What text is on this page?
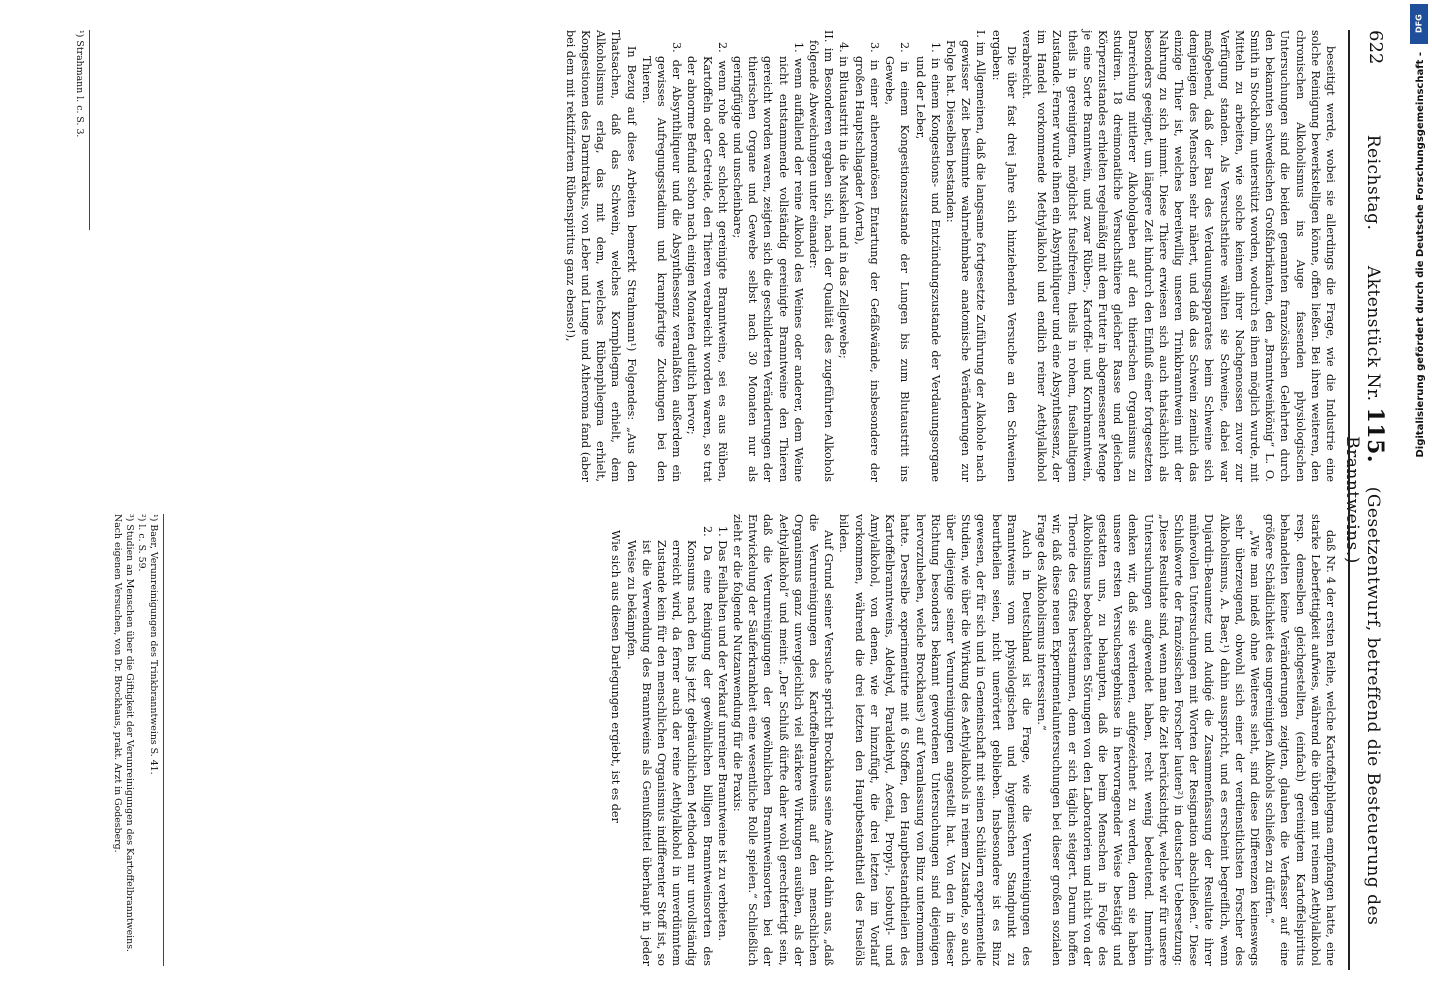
622
Reichstag.      Aktenstück Nr. 115.    (Gesetzentwurf, betreffend die Besteuerung des Branntweins.)

beseitigt werde, wobei sie allerdings die Frage, wie die Industrie eine solche Reinigung bewerkstelligen könne, offen ließen. Bei ihren weiteren, den chronischen Alkoholismus ins Auge fassenden physiologischen Untersuchungen sind die beiden genannten französischen Gelehrten durch den bekannten schwedischen Großfabrikanten, den „Branntweinkönig“ L. O. Smith in Stockholm, unterstützt worden, wodurch es ihnen möglich wurde, mit Mitteln zu arbeiten, wie solche keinem ihrer Nachgenossen zuvor zur Verfügung standen. Als Versuchsthiere wählten sie Schweine, dabei war maßgebend, daß der Bau des Verdauungsapparates beim Schweine sich demjenigen des Menschen sehr nähert, und daß das Schwein ziemlich das einzige Thier ist, welches bereitwillig unseren Trinkbranntwein mit der Nahrung zu sich nimmt. Diese Thiere erwiesen sich auch thatsächlich als besonders geeignet, um längere Zeit hindurch den Einfluß einer fortgesetzten Darreichung mittlerer Alkoholgaben auf den thierischen Organismus zu studiren. 18 dreimonatliche Versuchsthiere gleicher Rasse und gleichen Körperzustandes erhielten regelmäßig mit dem Futter in abgemessener Menge je eine Sorte Branntwein, und zwar Rüben-, Kartoffel- und Kornbranntwein, theils in gereinigtem, möglichst fuselfreiem, theils in rohem, fuselhaltigem Zustande. Ferner wurde ihnen ein Absynthliqueur und eine Absynthessenz, der im Handel vorkommende Methylalkohol und endlich reiner Aethylalkohol verabreicht.

Die über fast drei Jahre sich hinziehenden Versuche an den Schweinen ergaben:

I. im Allgemeinen, daß die langsame fortgesetzte Zuführung der Alkohole nach gewisser Zeit bestimmte wahrnehmbare anatomische Veränderungen zur Folge hat. Dieselben bestanden:
1. in einem Kongestions- und Entzündungszustande der Verdauungsorgane und der Leber,
2. in einem Kongestionszustande der Lungen bis zum Blutaustritt ins Gewebe,
3. in einer atheromatösen Entartung der Gefäßwände, insbesondere der großen Hauptschlagader (Aorta),
4. in Blutaustritt in die Muskeln und in das Zellgewebe;
II. im Besonderen ergaben sich, nach der Qualität des zugeführten Alkohols folgende Abweichungen unter einander:
1. wenn auffallend der reine Alkohol des Weines oder anderer, dem Weine nicht entstammende vollständig gereinigte Branntweine den Thieren gereicht worden waren, zeigten sich die geschilderten Veränderungen der thierischen Organe und Gewebe selbst nach 30 Monaten nur als geringfügige und unscheinbare;
2. wenn rohe oder schlecht gereinigte Branntweine, sei es aus Rüben, Kartoffeln oder Getreide, den Thieren verabreicht worden waren, so trat der abnorme Befund schon nach einigen Monaten deutlich hervor;
3. der Absynthliqueur und die Absynthessenz veranlaßten außerdem ein gewisses Aufregungsstadium und krampfartige Zuckungen bei den Thieren.

In Bezug auf diese Arbeiten bemerkt Strahmann¹) Folgendes: „Aus den Thatsachen, daß das Schwein, welches Kornphlegma erhielt, dem Alkoholismus erlag, das mit dem, welches Rübenphlegma erhielt, Kongestionen des Darmtraktus, von Leber und Lunge und Atheroma fand (aber bei dem mit rektifizirtem Rübenspiritus ganz ebenso!),

¹) Strahmann l. c. S. 3.

daß Nr. 4 der ersten Reihe, welche Kartoffelphlegma empfangen hatte, eine starke Leberfettigkeit aufwies, während die übrigen mit reinem Aethylalkohol resp. demselben gleichgestellten, (einfach) gereinigtem Kartoffelspiritus behandelten keine Veränderungen zeigten, glauben die Verfasser auf eine größere Schädlichkeit des ungereinigten Alkohols schließen zu dürfen.“

„Wie man indeß ohne Weiteres sieht, sind diese Differenzen keineswegs sehr überzeugend, obwohl sich einer der verdienstlichsten Forscher des Alkoholismus, A. Baer,¹) dahin ausspricht, und es erscheint begreiflich, wenn Dujardin-Beaumetz und Audigé die Zusammenfassung der Resultate ihrer mühevollen Untersuchungen mit Worten der Resignation abschließen.“ Diese Schlußworte der französischen Forscher lauten²) in deutscher Uebersetzung: „Diese Resultate sind, wenn man die Zeit berücksichtigt, welche wir für unsere Untersuchungen aufgewendet haben, recht wenig bedeutend. Immerhin denken wir, daß sie verdienen, aufgezeichnet zu werden, denn sie haben unsere ersten Versuchsergebnisse in hervorragender Weise bestätigt und gestatten uns, zu behaupten, daß die beim Menschen in Folge des Alkoholismus beobachteten Störungen von den Laboratorien und nicht von der Theorie des Giftes herstammen, denn er sich täglich steigert. Darum hoffen wir, daß diese neuen Experimentaluntersuchungen bei dieser großen sozialen Frage des Alkoholismus interessiren.“

Auch in Deutschland ist die Frage, wie die Verunreinigungen des Branntweins vom physiologischen und hygienischen Standpunkt zu beurtheilen seien, nicht unerörtert geblieben. Insbesondere ist es Binz gewesen, der für sich und in Gemeinschaft mit seinen Schülern experimentelle Studien, wie über die Wirkung des Aethylalkohols in reinem Zustande, so auch über diejenige seiner Verunreinigungen angestellt hat. Von den in dieser Richtung besonders bekannt gewordenen Untersuchungen sind diejenigen hervorzuheben, welche Brockhaus³) auf Veranlassung von Binz unternommen hatte. Derselbe experimentirte mit 6 Stoffen, den Hauptbestandtheilen des Kartoffelbranntweins, Aldehyd, Paraldehyd, Acetal, Propyl-, Isobutyl- und Amylalkohol, von denen, wie er hinzufügt, die drei letzten im Vorlauf vorkommen, während die drei letzten den Hauptbestandtheil des Fuselöls bilden.

Auf Grund seiner Versuche spricht Brockhaus seine Ansicht dahin aus, „daß die Verunreinigungen des Kartoffelbranntweins auf den menschlichen Organismus ganz unvergleichlich viel stärkere Wirkungen ausüben, als der Aethylalkohol“ und meint: „Der Schluß dürfte daher wohl gerechtfertigt sein, daß die Verunreinigungen der gewöhnlichen Branntweinsorten bei der Entwickelung der Säuferkrankheit eine wesentliche Rolle spielen.“ Schließlich zieht er die folgende Nutzanwendung für die Praxis:

1. Das Feilhalten und der Verkauf unreiner Branntweine ist zu verbieten.
2. Da eine Reinigung der gewöhnlichen billigen Branntweinsorten des Konsums nach den bis jetzt gebräuchlichen Methoden nur unvollständig erreicht wird, da ferner auch der reine Aethylalkohol in unverdünntem Zustande kein für den menschlichen Organismus indifferenter Stoff ist, so ist die Verwendung des Branntweins als Genußmittel überhaupt in jeder Weise zu bekämpfen.

Wie sich aus diesen Darlegungen ergiebt, ist es der

¹) Baer, Verunreinigungen des Trinkbranntweins S. 41.
²) l. c. S. 59.
³) Studien an Menschen über die Giftigkeit der Verunreinigungen des Kartoffelbranntweins. Nach eigenen Versuchen, von Dr. Brockhaus, prakt. Arzt in Godesberg.
DFG
Digitalisierung gefördert durch die Deutsche Forschungsgemeinschaft -
